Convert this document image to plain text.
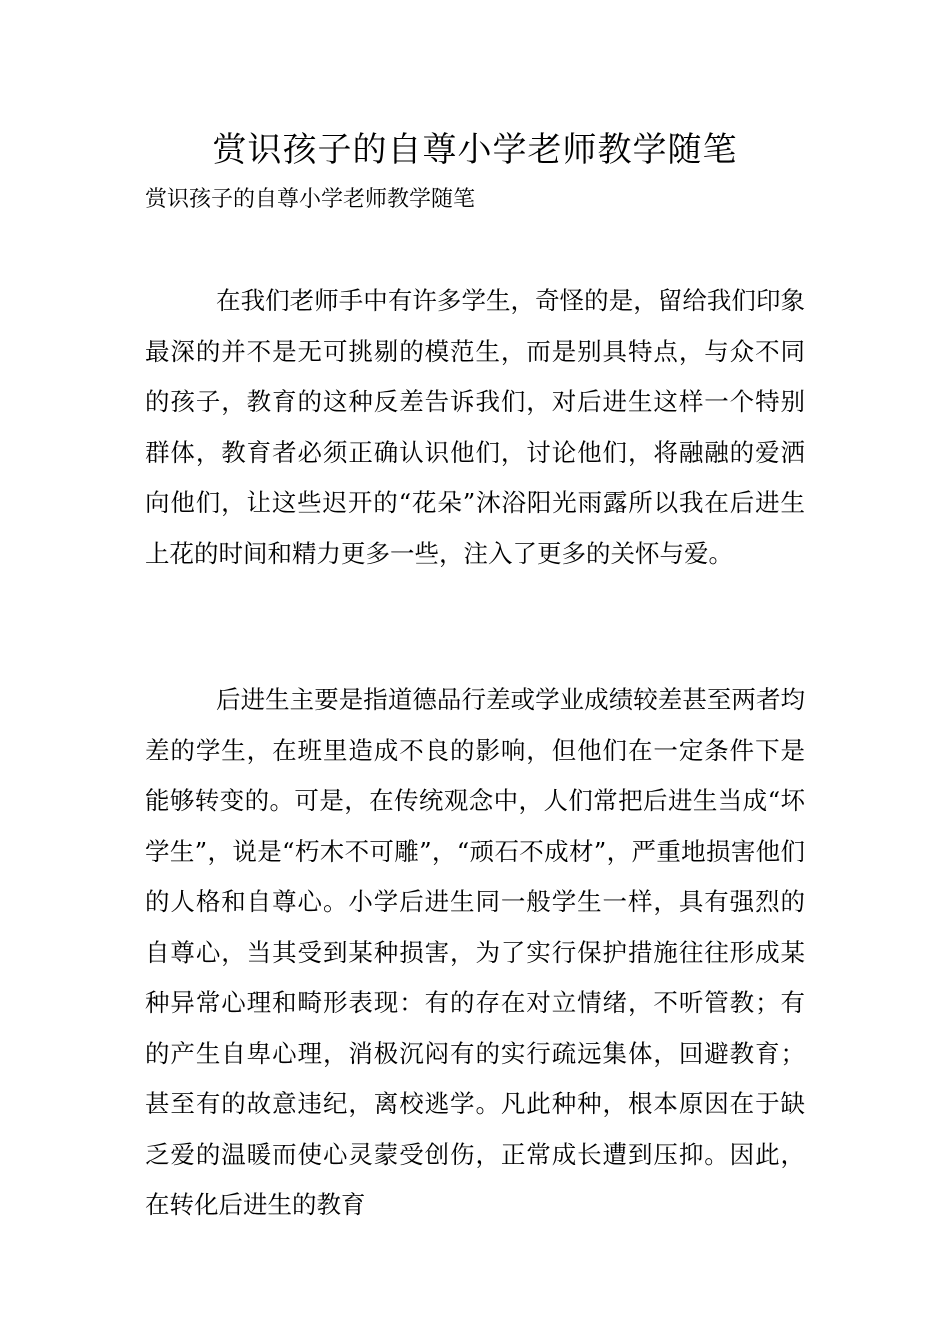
赏识孩子的自尊小学老师教学随笔

赏识孩子的自尊小学老师教学随笔

在我们老师手中有许多学生，奇怪的是，留给我们印象最深的并不是无可挑剔的模范生，而是别具特点，与众不同的孩子，教育的这种反差告诉我们，对后进生这样一个特别群体，教育者必须正确认识他们，讨论他们，将融融的爱洒向他们，让这些迟开的“花朵”沐浴阳光雨露所以我在后进生上花的时间和精力更多一些，注入了更多的关怀与爱。

后进生主要是指道德品行差或学业成绩较差甚至两者均差的学生，在班里造成不良的影响，但他们在一定条件下是能够转变的。可是，在传统观念中，人们常把后进生当成“坏学生”，说是“朽木不可雕”，“顽石不成材”，严重地损害他们的人格和自尊心。小学后进生同一般学生一样，具有强烈的自尊心，当其受到某种损害，为了实行保护措施往往形成某种异常心理和畸形表现：有的存在对立情绪，不听管教；有的产生自卑心理，消极沉闷有的实行疏远集体，回避教育；甚至有的故意违纪，离校逃学。凡此种种，根本原因在于缺乏爱的温暖而使心灵蒙受创伤，正常成长遭到压抑。因此，在转化后进生的教育
